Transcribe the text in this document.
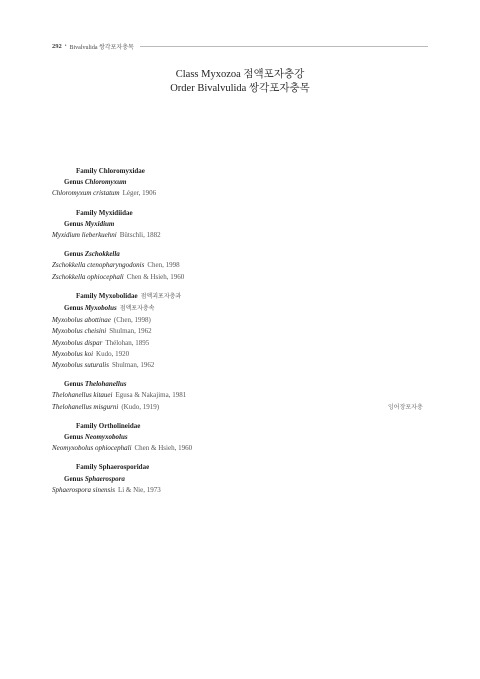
292 • Bivalvulida 쌍각포자충목
Class Myxozoa 점액포자충강
Order Bivalvulida 쌍각포자충목
Family Chloromyxidae
Genus Chloromyxum
Chloromyxum cristatum Léger, 1906
Family Myxidiidae
Genus Myxidium
Myxidium lieberkuehni Bütschli, 1882
Genus Zschokkella
Zschokkella ctenopharyngodonis Chen, 1998
Zschokkella ophiocephali Chen & Hsieh, 1960
Family Myxobolidae 점액괴포자충과
Genus Myxobolus 점액포자충속
Myxobolus abottinae (Chen, 1998)
Myxobolus cheisini Shulman, 1962
Myxobolus dispar Thélohan, 1895
Myxobolus koi Kudo, 1920
Myxobolus suturalis Shulman, 1962
Genus Thelohanellus
Thelohanellus kitauei Egusa & Nakajima, 1981
Thelohanellus misgurni (Kudo, 1919)
Family Ortholineidae
Genus Neomyxobolus
Neomyxobolus ophiocephali Chen & Hsieh, 1960
Family Sphaerosporidae
Genus Sphaerospora
Sphaerospora sinensis Li & Nie, 1973
잉어장포자충
